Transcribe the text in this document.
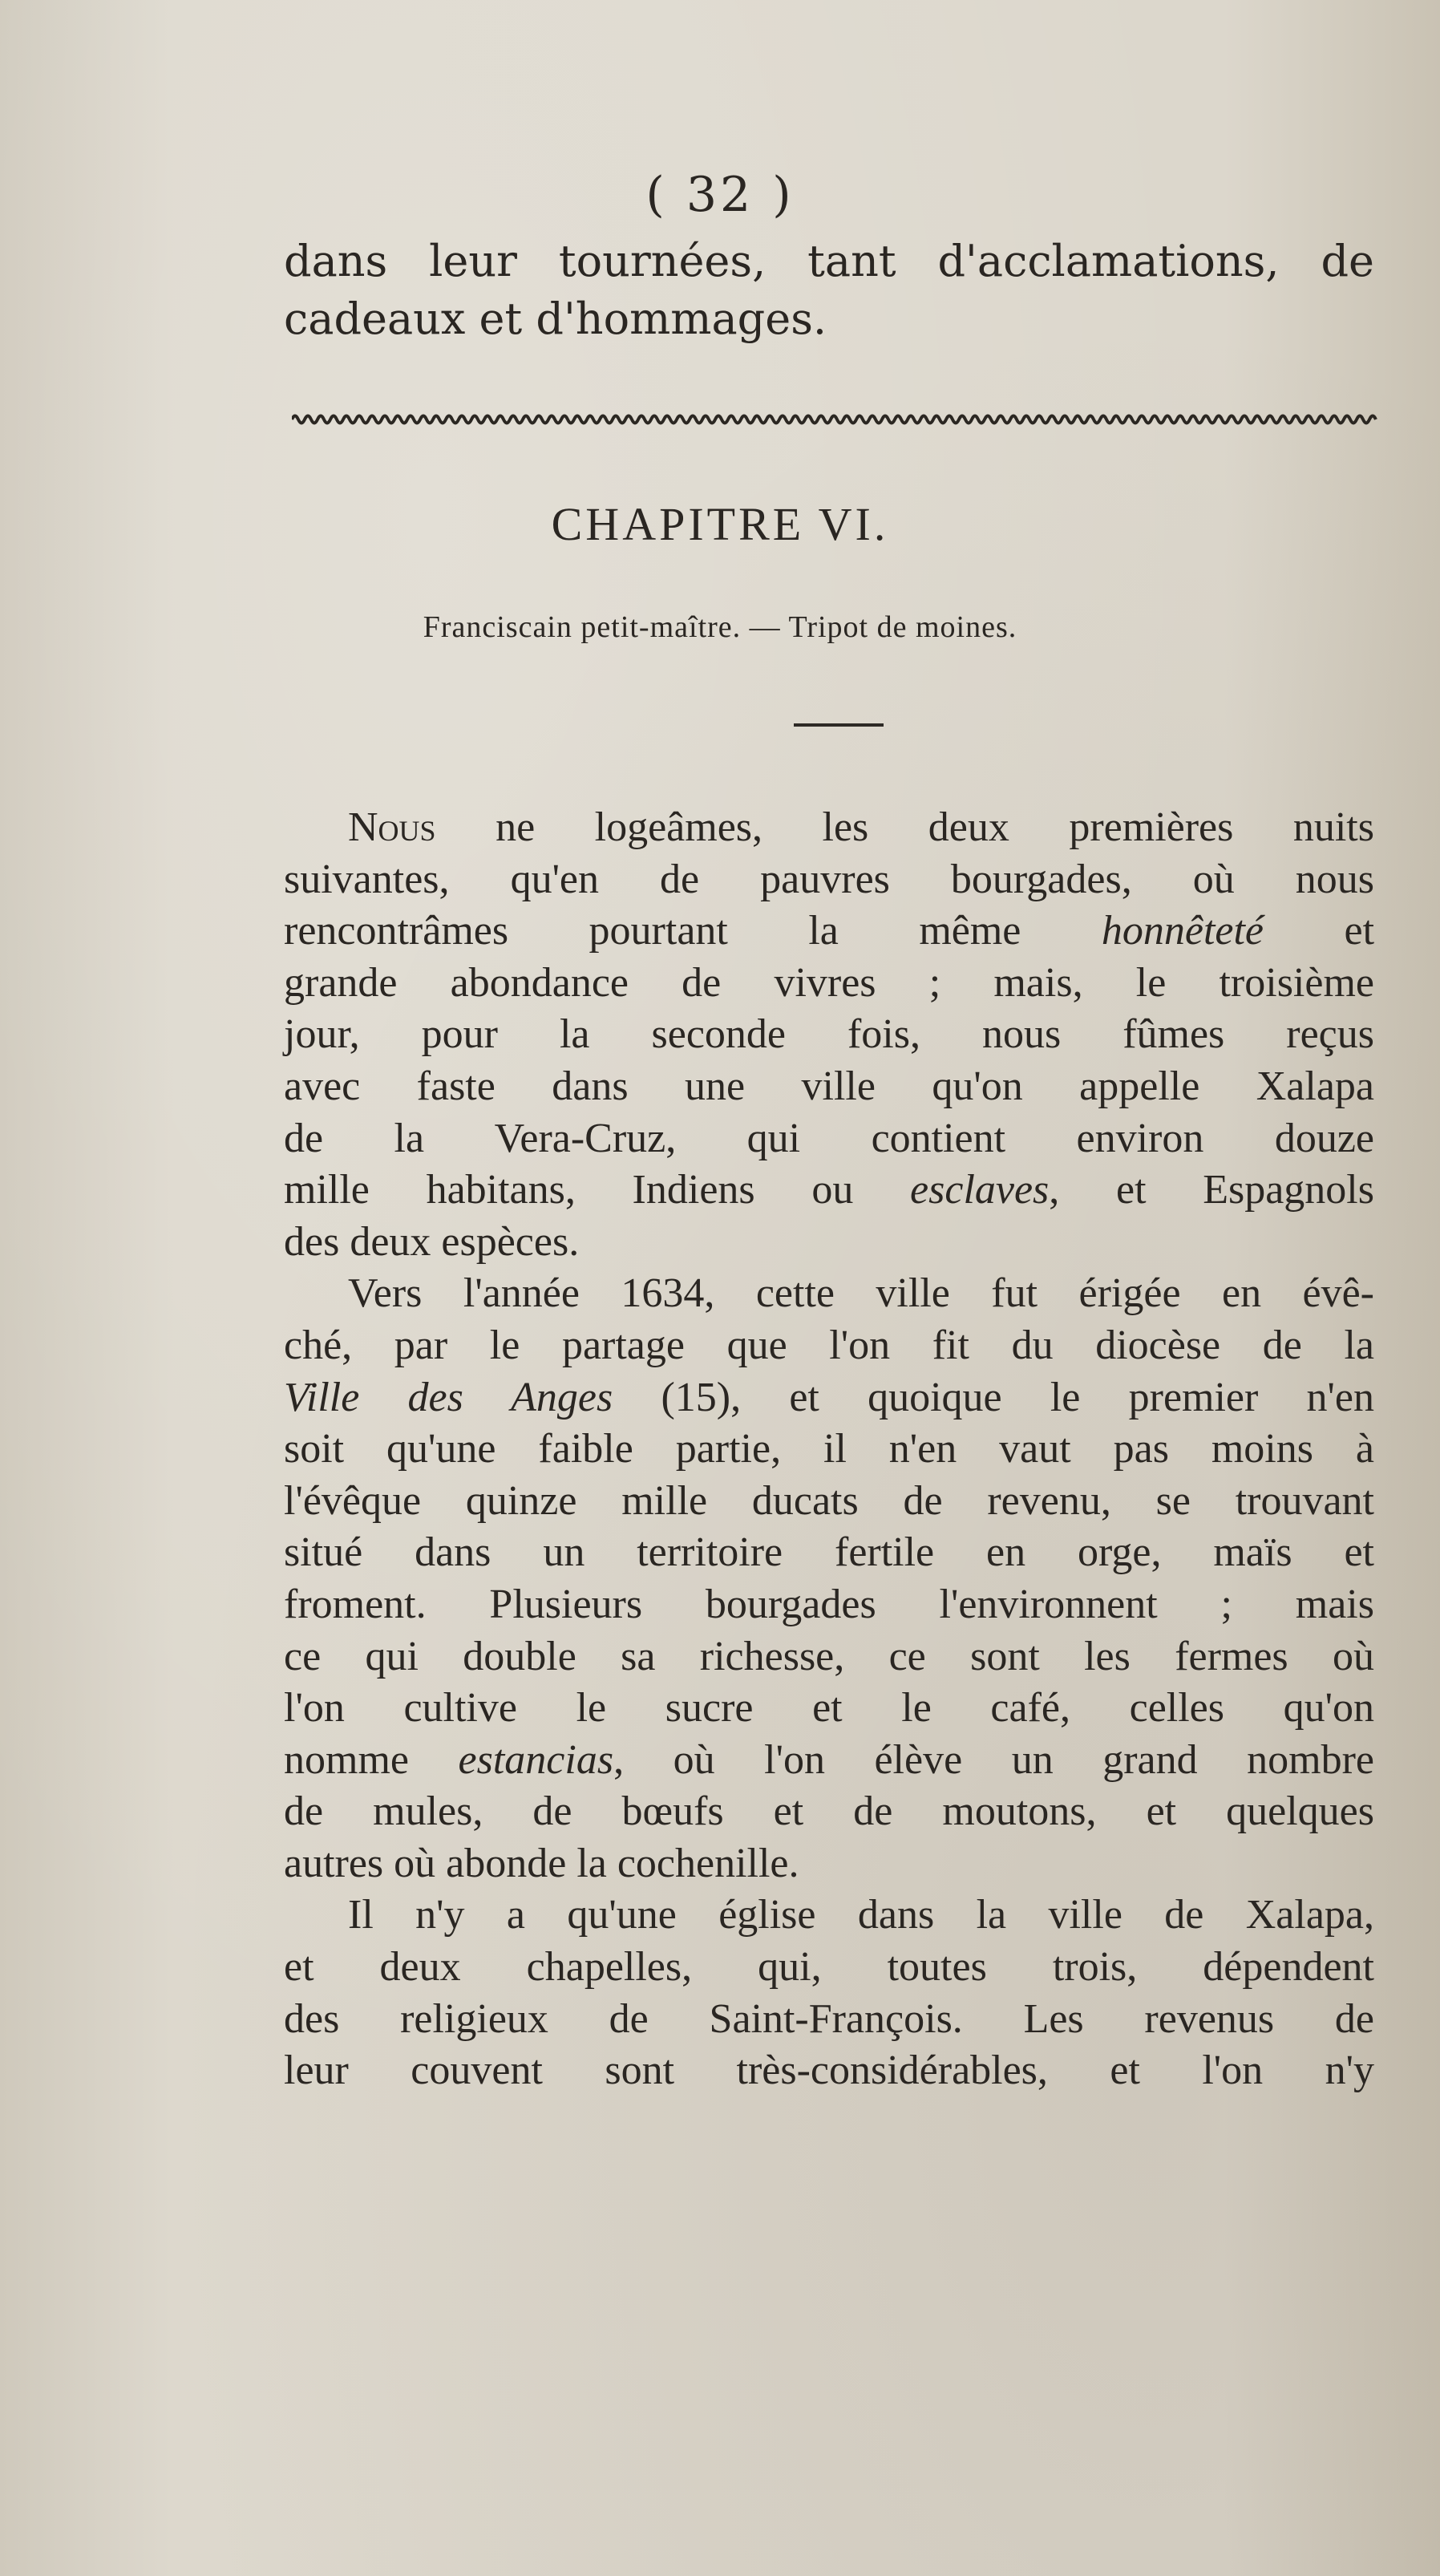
( 32 )
dans leur tournées, tant d'acclamations, de
cadeaux et d'hommages.
CHAPITRE VI.
Franciscain petit-maître. — Tripot de moines.
Nous ne logeâmes, les deux premières nuits
suivantes, qu'en de pauvres bourgades, où nous
rencontrâmes pourtant la même honnêteté et
grande abondance de vivres ; mais, le troisième
jour, pour la seconde fois, nous fûmes reçus
avec faste dans une ville qu'on appelle Xalapa
de la Vera-Cruz, qui contient environ douze
mille habitans, Indiens ou esclaves, et Espagnols
des deux espèces.
Vers l'année 1634, cette ville fut érigée en évê-
ché, par le partage que l'on fit du diocèse de la
Ville des Anges (15), et quoique le premier n'en
soit qu'une faible partie, il n'en vaut pas moins à
l'évêque quinze mille ducats de revenu, se trouvant
situé dans un territoire fertile en orge, maïs et
froment. Plusieurs bourgades l'environnent ; mais
ce qui double sa richesse, ce sont les fermes où
l'on cultive le sucre et le café, celles qu'on
nomme estancias, où l'on élève un grand nombre
de mules, de bœufs et de moutons, et quelques
autres où abonde la cochenille.
Il n'y a qu'une église dans la ville de Xalapa,
et deux chapelles, qui, toutes trois, dépendent
des religieux de Saint-François. Les revenus de
leur couvent sont très-considérables, et l'on n'y
